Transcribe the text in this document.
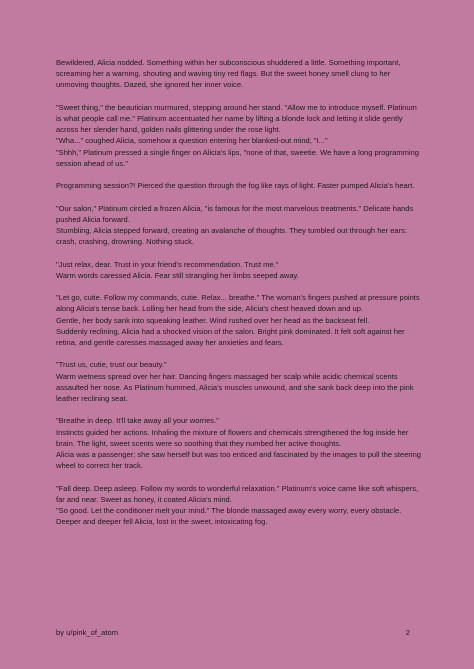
Bewildered, Alicia nodded. Something within her subconscious shuddered a little. Something important, screaming her a warning, shouting and waving tiny red flags. But the sweet honey smell clung to her unmoving thoughts. Dazed, she ignored her inner voice.

"Sweet thing," the beautician murmured, stepping around her stand. "Allow me to introduce myself. Platinum is what people call me." Platinum accentuated her name by lifting a blonde lock and letting it slide gently across her slender hand, golden nails glittering under the rose light.
"Wha..." coughed Alicia, somehow a question entering her blanked-out mind, "I..."
"Shhh," Platinum pressed a single finger on Alicia's lips, "none of that, sweetie. We have a long programming session ahead of us."

Programming session?! Pierced the question through the fog like rays of light. Faster pumped Alicia's heart.

"Our salon," Platinum circled a frozen Alicia, "is famous for the most marvelous treatments." Delicate hands pushed Alicia forward.
Stumbling, Alicia stepped forward, creating an avalanche of thoughts. They tumbled out through her ears: crash, crashing, drowning. Nothing stuck.

"Just relax, dear. Trust in your friend's recommendation. Trust me."
Warm words caressed Alicia. Fear still strangling her limbs seeped away.

"Let go, cutie. Follow my commands, cutie. Relax... breathe." The woman's fingers pushed at pressure points along Alicia's tense back. Lolling her head from the side, Alicia's chest heaved down and up.
Gentle, her body sank into squeaking leather. Wind rushed over her head as the backseat fell.
Suddenly reclining, Alicia had a shocked vision of the salon. Bright pink dominated. It felt soft against her retina, and gentle caresses massaged away her anxieties and fears.

"Trust us, cutie, trust our beauty."
Warm wetness spread over her hair. Dancing fingers massaged her scalp while acidic chemical scents assaulted her nose. As Platinum hummed, Alicia's muscles unwound, and she sank back deep into the pink leather reclining seat.

"Breathe in deep. It'll take away all your worries."
Instincts guided her actions. Inhaling the mixture of flowers and chemicals strengthened the fog inside her brain. The light, sweet scents were so soothing that they numbed her active thoughts.
Alicia was a passenger; she saw herself but was too enticed and fascinated by the images to pull the steering wheel to correct her track.

"Fall deep. Deep asleep. Follow my words to wonderful relaxation." Platinum's voice came like soft whispers, far and near. Sweet as honey, it coated Alicia's mind.
"So good. Let the conditioner melt your mind." The blonde massaged away every worry, every obstacle. Deeper and deeper fell Alicia, lost in the sweet, intoxicating fog.

by u/pink_of_atom	2
